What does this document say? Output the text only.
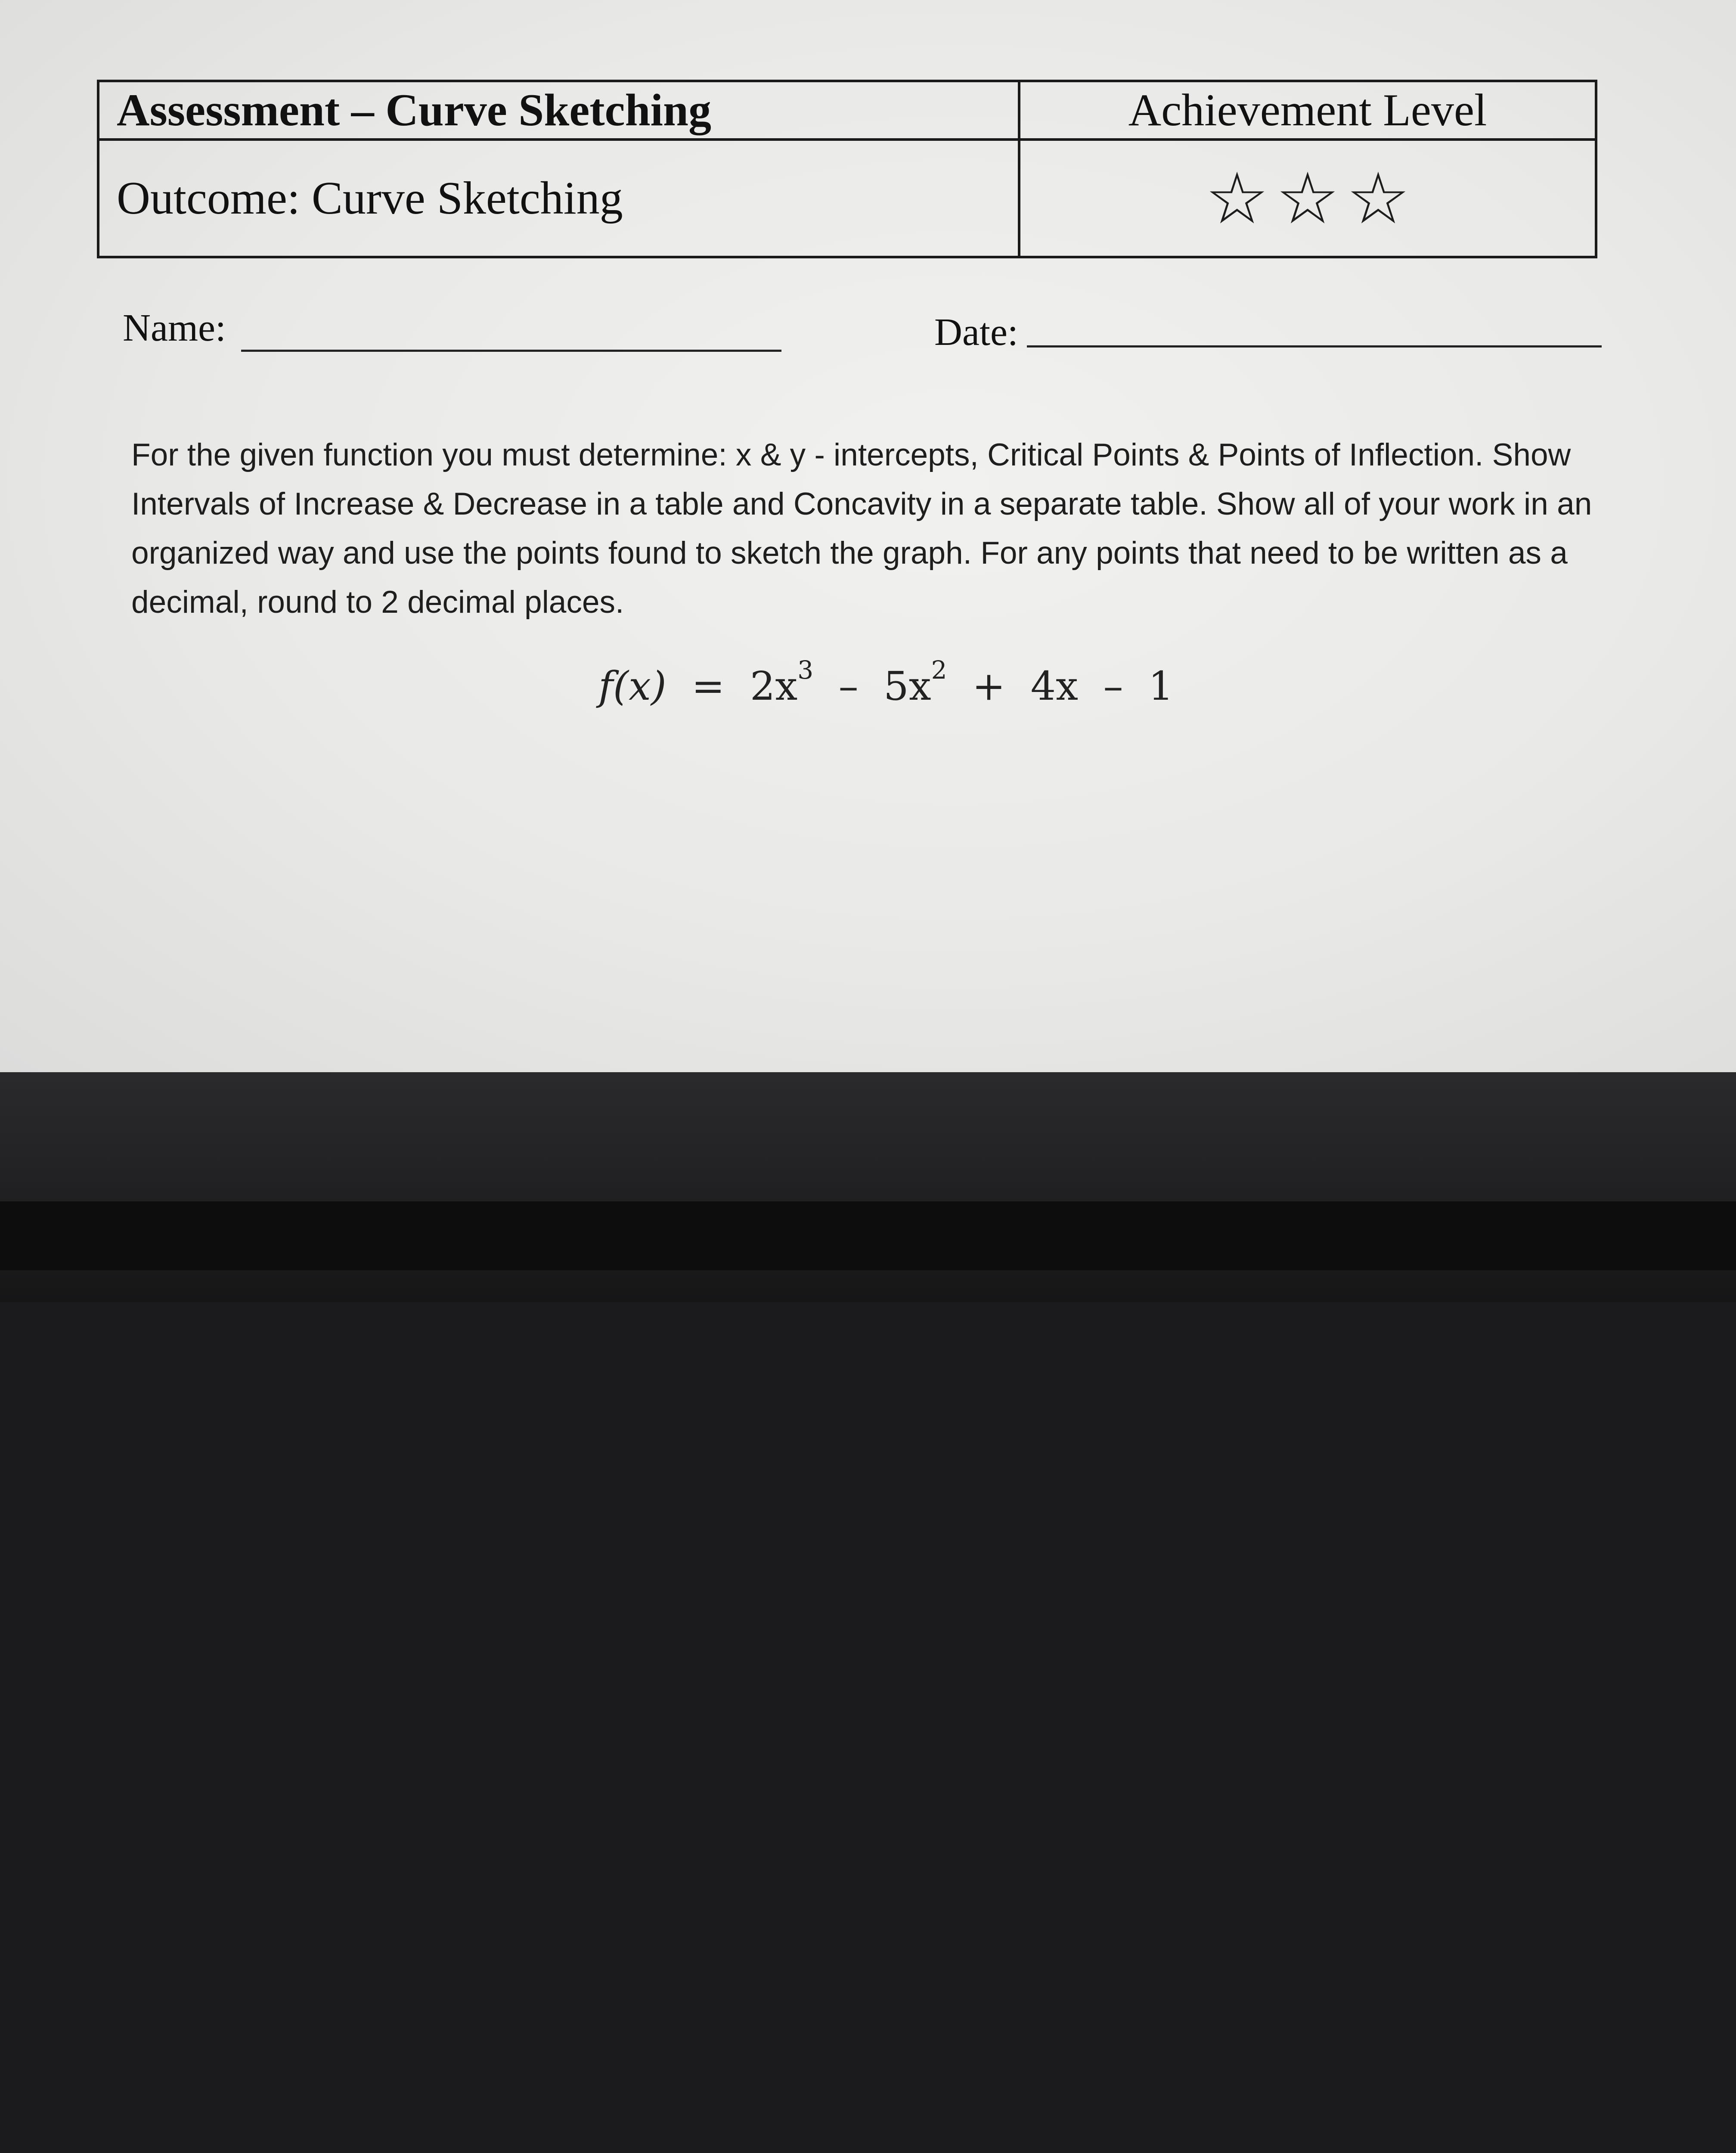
Assessment – Curve Sketching	Achievement Level
Outcome: Curve Sketching	☆☆☆
Name:	Date:
For the given function you must determine: x & y - intercepts, Critical Points & Points of Inflection. Show
Intervals of Increase & Decrease in a table and Concavity in a separate table. Show all of your work in an
organized way and use the points found to sketch the graph. For any points that need to be written as a
decimal, round to 2 decimal places.
$f(x) = 2x^3 - 5x^2 + 4x - 1$
